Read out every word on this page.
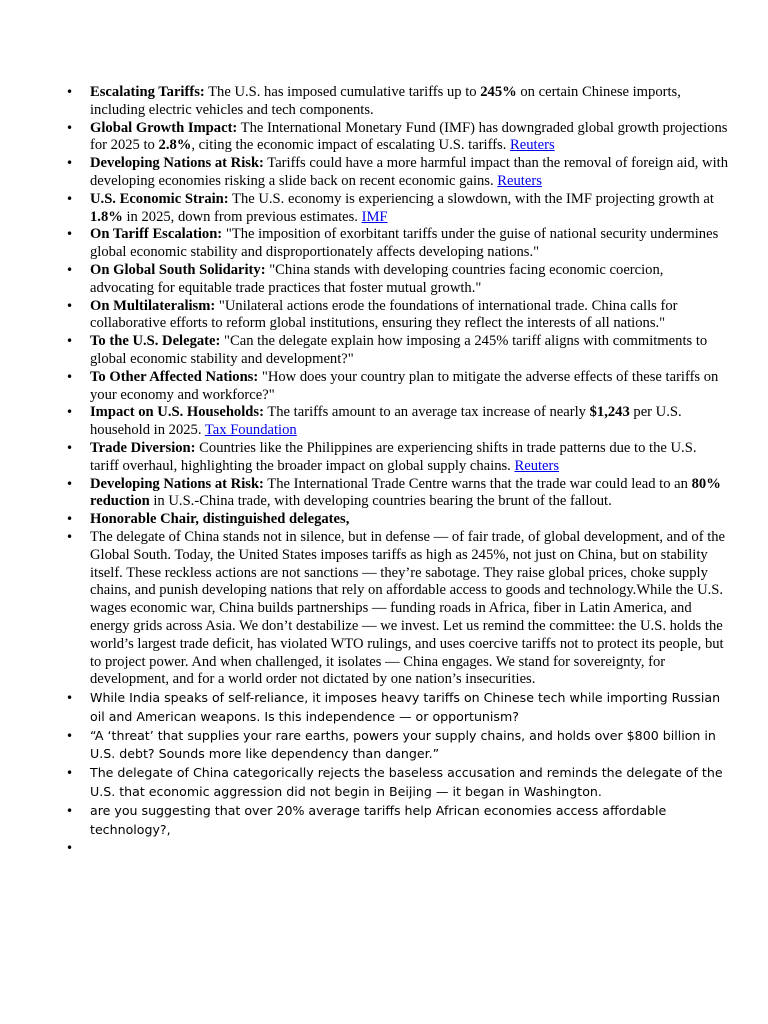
• Escalating Tariffs: The U.S. has imposed cumulative tariffs up to 245% on certain Chinese imports, including electric vehicles and tech components.
• Global Growth Impact: The International Monetary Fund (IMF) has downgraded global growth projections for 2025 to 2.8%, citing the economic impact of escalating U.S. tariffs. Reuters
• Developing Nations at Risk: Tariffs could have a more harmful impact than the removal of foreign aid, with developing economies risking a slide back on recent economic gains. Reuters
• U.S. Economic Strain: The U.S. economy is experiencing a slowdown, with the IMF projecting growth at 1.8% in 2025, down from previous estimates. IMF
• On Tariff Escalation: "The imposition of exorbitant tariffs under the guise of national security undermines global economic stability and disproportionately affects developing nations."
• On Global South Solidarity: "China stands with developing countries facing economic coercion, advocating for equitable trade practices that foster mutual growth."
• On Multilateralism: "Unilateral actions erode the foundations of international trade. China calls for collaborative efforts to reform global institutions, ensuring they reflect the interests of all nations."
• To the U.S. Delegate: "Can the delegate explain how imposing a 245% tariff aligns with commitments to global economic stability and development?"
• To Other Affected Nations: "How does your country plan to mitigate the adverse effects of these tariffs on your economy and workforce?"
• Impact on U.S. Households: The tariffs amount to an average tax increase of nearly $1,243 per U.S. household in 2025. Tax Foundation
• Trade Diversion: Countries like the Philippines are experiencing shifts in trade patterns due to the U.S. tariff overhaul, highlighting the broader impact on global supply chains. Reuters
• Developing Nations at Risk: The International Trade Centre warns that the trade war could lead to an 80% reduction in U.S.-China trade, with developing countries bearing the brunt of the fallout.
• Honorable Chair, distinguished delegates,
• The delegate of China stands not in silence, but in defense — of fair trade, of global development, and of the Global South. Today, the United States imposes tariffs as high as 245%, not just on China, but on stability itself. These reckless actions are not sanctions — they’re sabotage. They raise global prices, choke supply chains, and punish developing nations that rely on affordable access to goods and technology.While the U.S. wages economic war, China builds partnerships — funding roads in Africa, fiber in Latin America, and energy grids across Asia. We don’t destabilize — we invest. Let us remind the committee: the U.S. holds the world’s largest trade deficit, has violated WTO rulings, and uses coercive tariffs not to protect its people, but to project power. And when challenged, it isolates — China engages. We stand for sovereignty, for development, and for a world order not dictated by one nation’s insecurities.
• While India speaks of self-reliance, it imposes heavy tariffs on Chinese tech while importing Russian oil and American weapons. Is this independence — or opportunism?
• “A ‘threat’ that supplies your rare earths, powers your supply chains, and holds over $800 billion in U.S. debt? Sounds more like dependency than danger.”
• The delegate of China categorically rejects the baseless accusation and reminds the delegate of the U.S. that economic aggression did not begin in Beijing — it began in Washington.
• are you suggesting that over 20% average tariffs help African economies access affordable technology?,
•
